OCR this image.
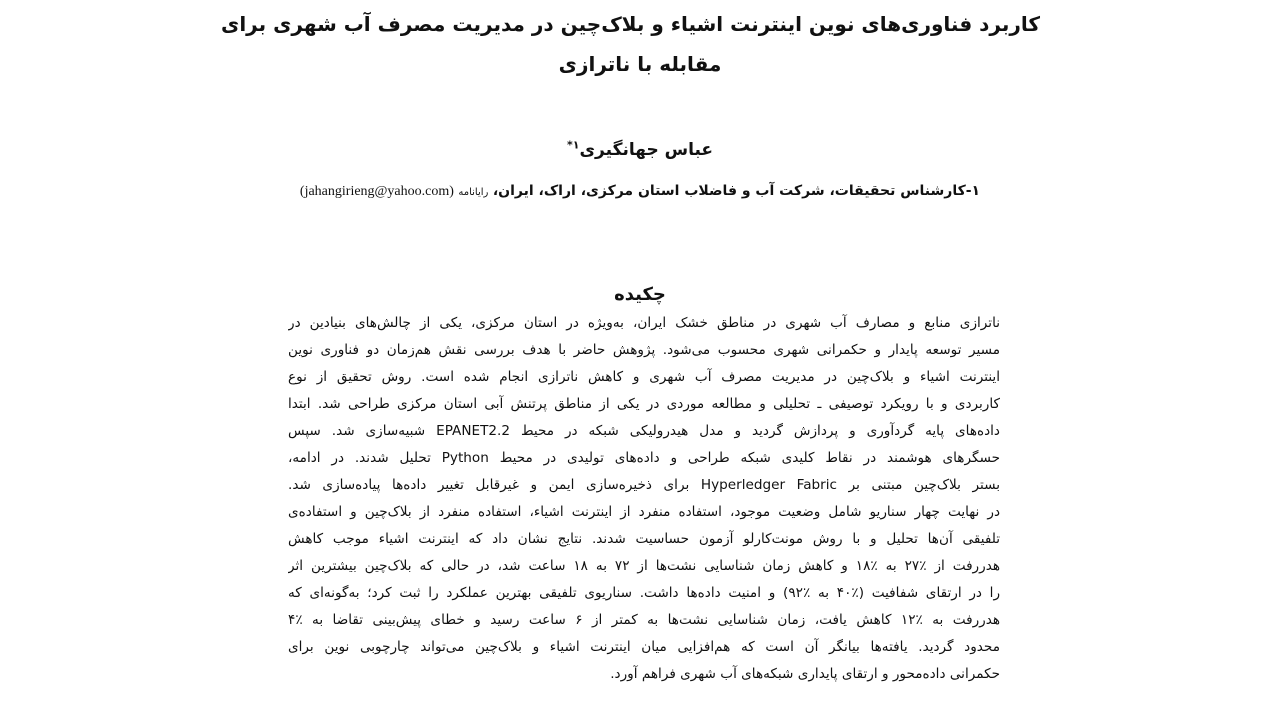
کاربرد فناوری‌های نوین اینترنت اشیاء و بلاک‌چین در مدیریت مصرف آب شهری برای
مقابله با ناترازی
عباس جهانگیری$^{۱*}$
۱-کارشناس تحقیقات، شرکت آب و فاضلاب استان مرکزی، اراک، ایران، رایانامه (jahangirieng@yahoo.com)
چکیده
ناترازی منابع و مصارف آب شهری در مناطق خشک ایران، به‌ویژه در استان مرکزی، یکی از چالش‌های بنیادین در
مسیر توسعه پایدار و حکمرانی شهری محسوب می‌شود. پژوهش حاضر با هدف بررسی نقش هم‌زمان دو فناوری نوین
اینترنت اشیاء و بلاک‌چین در مدیریت مصرف آب شهری و کاهش ناترازی انجام شده است. روش تحقیق از نوع
کاربردی و با رویکرد توصیفی ـ تحلیلی و مطالعه موردی در یکی از مناطق پرتنش آبی استان مرکزی طراحی شد. ابتدا
داده‌های پایه گردآوری و پردازش گردید و مدل هیدرولیکی شبکه در محیط EPANET2.2 شبیه‌سازی شد. سپس
حسگرهای هوشمند در نقاط کلیدی شبکه طراحی و داده‌های تولیدی در محیط Python تحلیل شدند. در ادامه،
بستر بلاک‌چین مبتنی بر Hyperledger Fabric برای ذخیره‌سازی ایمن و غیرقابل تغییر داده‌ها پیاده‌سازی شد.
در نهایت چهار سناریو شامل وضعیت موجود، استفاده منفرد از اینترنت اشیاء، استفاده منفرد از بلاک‌چین و استفاده‌ی
تلفیقی آن‌ها تحلیل و با روش مونت‌کارلو آزمون حساسیت شدند. نتایج نشان داد که اینترنت اشیاء موجب کاهش
هدررفت از ٪۲۷ به ٪۱۸ و کاهش زمان شناسایی نشت‌ها از ۷۲ به ۱۸ ساعت شد، در حالی که بلاک‌چین بیشترین اثر
را در ارتقای شفافیت (٪۴۰ به ٪۹۲) و امنیت داده‌ها داشت. سناریوی تلفیقی بهترین عملکرد را ثبت کرد؛ به‌گونه‌ای که
هدررفت به ٪۱۲ کاهش یافت، زمان شناسایی نشت‌ها به کمتر از ۶ ساعت رسید و خطای پیش‌بینی تقاضا به ٪۴
محدود گردید. یافته‌ها بیانگر آن است که هم‌افزایی میان اینترنت اشیاء و بلاک‌چین می‌تواند چارچوبی نوین برای
حکمرانی داده‌محور و ارتقای پایداری شبکه‌های آب شهری فراهم آورد.
